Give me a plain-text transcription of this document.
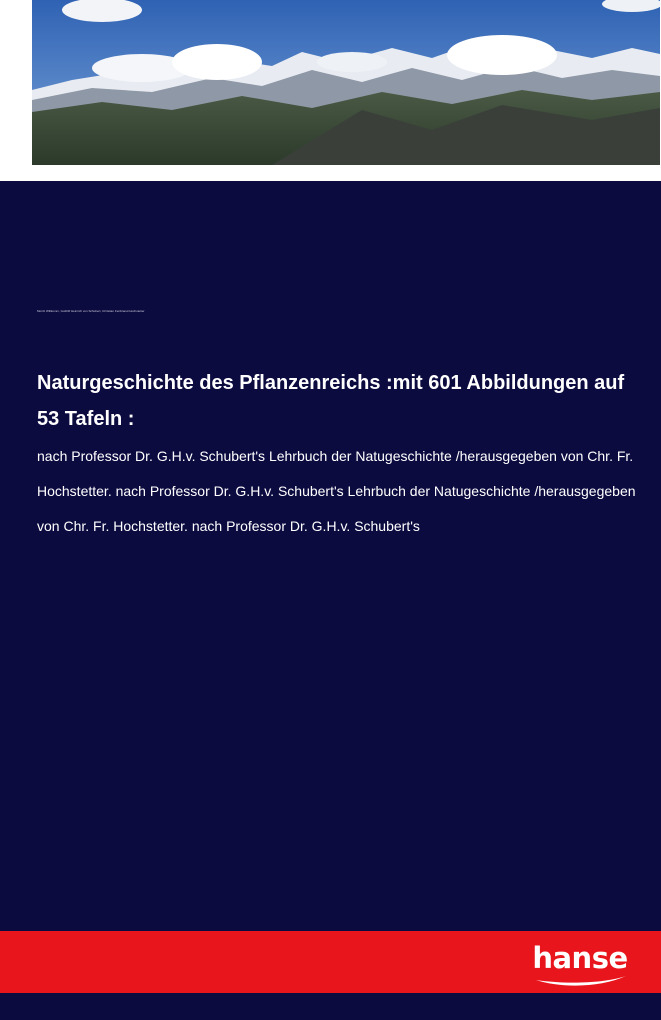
Moritz Willkomm, Gotthilf Heinrich von Schubert, Christian Ferdinand Hochstetter
Naturgeschichte des Pflanzenreichs :mit 601 Abbildungen auf 53 Tafeln :

nach Professor Dr. G.H.v. Schubert's Lehrbuch der Natugeschichte /herausgegeben von Chr. Fr. Hochstetter. nach Professor Dr. G.H.v. Schubert's Lehrbuch der Natugeschichte /herausgegeben von Chr. Fr. Hochstetter. nach Professor Dr. G.H.v. Schubert's

hanse
